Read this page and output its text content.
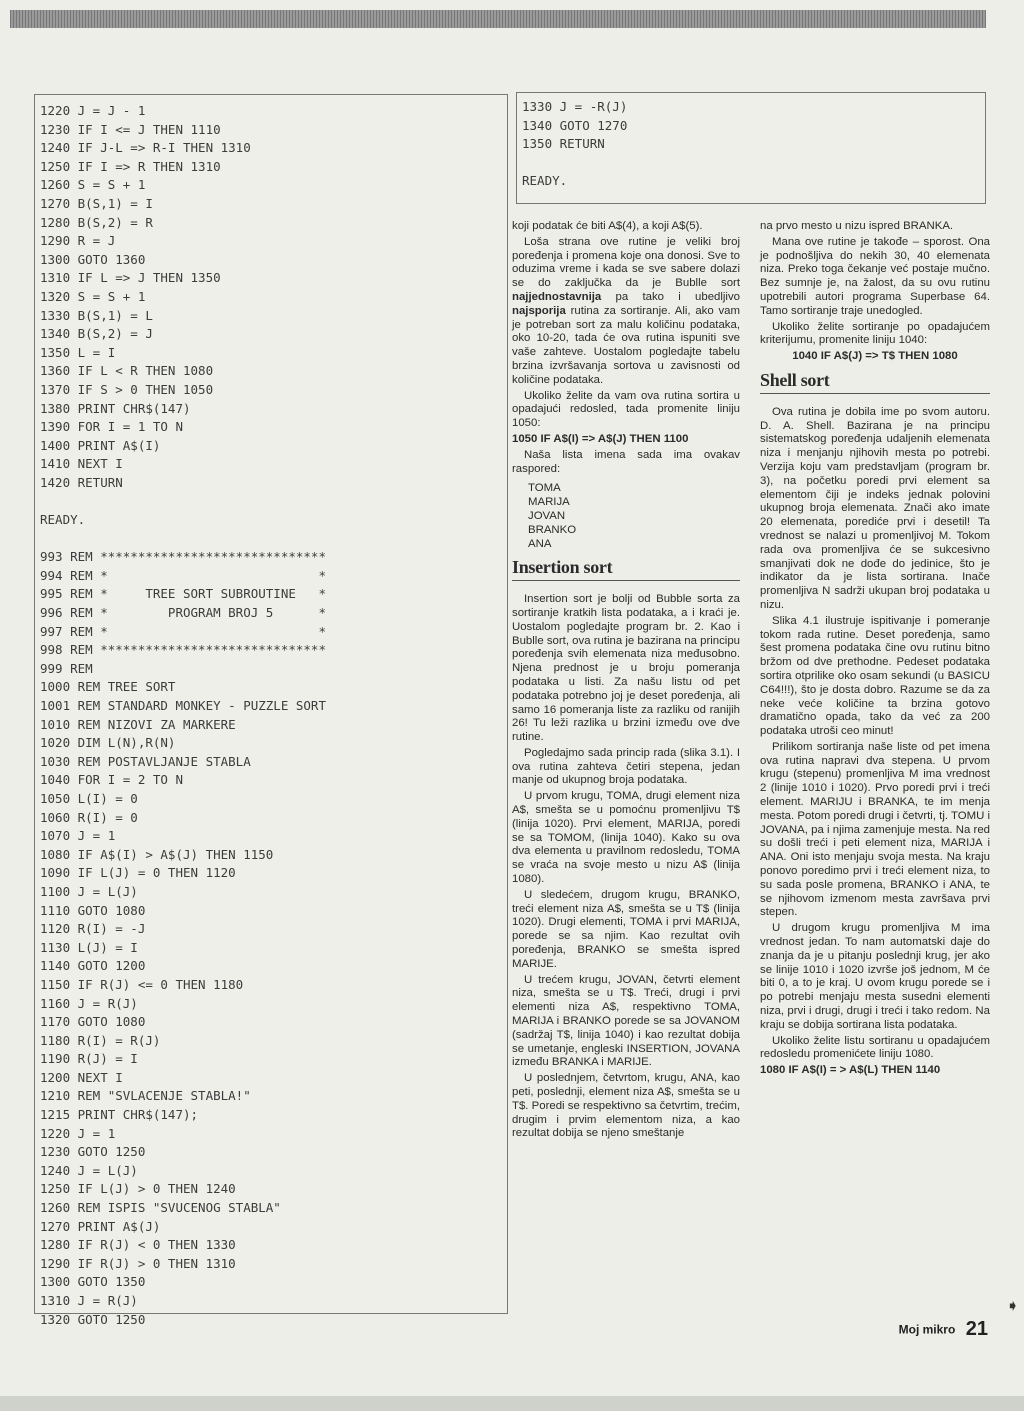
1220 J = J - 1
1230 IF I <= J THEN 1110
1240 IF J-L => R-I THEN 1310
1250 IF I => R THEN 1310
1260 S = S + 1
1270 B(S,1) = I
1280 B(S,2) = R
1290 R = J
1300 GOTO 1360
1310 IF L => J THEN 1350
1320 S = S + 1
1330 B(S,1) = L
1340 B(S,2) = J
1350 L = I
1360 IF L < R THEN 1080
1370 IF S > 0 THEN 1050
1380 PRINT CHR$(147)
1390 FOR I = 1 TO N
1400 PRINT A$(I)
1410 NEXT I
1420 RETURN

READY.

993 REM ******************************
994 REM *                            *
995 REM *     TREE SORT SUBROUTINE   *
996 REM *        PROGRAM BROJ 5      *
997 REM *                            *
998 REM ******************************
999 REM
1000 REM TREE SORT
1001 REM STANDARD MONKEY - PUZZLE SORT
1010 REM NIZOVI ZA MARKERE
1020 DIM L(N),R(N)
1030 REM POSTAVLJANJE STABLA
1040 FOR I = 2 TO N
1050 L(I) = 0
1060 R(I) = 0
1070 J = 1
1080 IF A$(I) > A$(J) THEN 1150
1090 IF L(J) = 0 THEN 1120
1100 J = L(J)
1110 GOTO 1080
1120 R(I) = -J
1130 L(J) = I
1140 GOTO 1200
1150 IF R(J) <= 0 THEN 1180
1160 J = R(J)
1170 GOTO 1080
1180 R(I) = R(J)
1190 R(J) = I
1200 NEXT I
1210 REM "SVLACENJE STABLA!"
1215 PRINT CHR$(147);
1220 J = 1
1230 GOTO 1250
1240 J = L(J)
1250 IF L(J) > 0 THEN 1240
1260 REM ISPIS "SVUCENOG STABLA"
1270 PRINT A$(J)
1280 IF R(J) < 0 THEN 1330
1290 IF R(J) > 0 THEN 1310
1300 GOTO 1350
1310 J = R(J)
1320 GOTO 1250
1330 J = -R(J)
1340 GOTO 1270
1350 RETURN

READY.

koji podatak će biti A$(4), a koji A$(5).

Loša strana ove rutine je veliki broj poređenja i promena koje ona donosi. Sve to oduzima vreme i kada se sve sabere dolazi se do zaključka da je Bublle sort najjednostavnija pa tako i ubedljivo najsporija rutina za sortiranje. Ali, ako vam je potreban sort za malu količinu podataka, oko 10-20, tada će ova rutina ispuniti sve vaše zahteve. Uostalom pogledajte tabelu brzina izvršavanja sortova u zavisnosti od količine podataka.

Ukoliko želite da vam ova rutina sortira u opadajući redosled, tada promenite liniju 1050:

1050 IF A$(I) => A$(J) THEN 1100

Naša lista imena sada ima ovakav raspored:

TOMA
MARIJA
JOVAN
BRANKO
ANA
Insertion sort

Insertion sort je bolji od Bubble sorta za sortiranje kratkih lista podataka, a i kraći je. Uostalom pogledajte program br. 2. Kao i Bublle sort, ova rutina je bazirana na principu poređenja svih elemenata niza međusobno. Njena prednost je u broju pomeranja podataka u listi. Za našu listu od pet podataka potrebno joj je deset poređenja, ali samo 16 pomeranja liste za razliku od ranijih 26! Tu leži razlika u brzini između ove dve rutine.

Pogledajmo sada princip rada (slika 3.1). I ova rutina zahteva četiri stepena, jedan manje od ukupnog broja podataka.

U prvom krugu, TOMA, drugi element niza A$, smešta se u pomoćnu promenljivu T$ (linija 1020). Prvi element, MARIJA, poredi se sa TOMOM, (linija 1040). Kako su ova dva elementa u pravilnom redosledu, TOMA se vraća na svoje mesto u nizu A$ (linija 1080).

U sledećem, drugom krugu, BRANKO, treći element niza A$, smešta se u T$ (linija 1020). Drugi elementi, TOMA i prvi MARIJA, porede se sa njim. Kao rezultat ovih poređenja, BRANKO se smešta ispred MARIJE.

U trećem krugu, JOVAN, četvrti element niza, smešta se u T$. Treći, drugi i prvi elementi niza A$, respektivno TOMA, MARIJA i BRANKO porede se sa JOVANOM (sadržaj T$, linija 1040) i kao rezultat dobija se umetanje, engleski INSERTION, JOVANA između BRANKA i MARIJE.

U poslednjem, četvrtom, krugu, ANA, kao peti, poslednji, element niza A$, smešta se u T$. Poredi se respektivno sa četvrtim, trećim, drugim i prvim elementom niza, a kao rezultat dobija se njeno smeštanje

na prvo mesto u nizu ispred BRANKA.

Mana ove rutine je takođe – sporost. Ona je podnošljiva do nekih 30, 40 elemenata niza. Preko toga čekanje već postaje mučno. Bez sumnje je, na žalost, da su ovu rutinu upotrebili autori programa Superbase 64. Tamo sortiranje traje unedogled.

Ukoliko želite sortiranje po opadajućem kriterijumu, promenite liniju 1040:

1040 IF A$(J) => T$ THEN 1080

Shell sort

Ova rutina je dobila ime po svom autoru. D. A. Shell. Bazirana je na principu sistematskog poređenja udaljenih elemenata niza i menjanju njihovih mesta po potrebi. Verzija koju vam predstavljam (program br. 3), na početku poredi prvi element sa elementom čiji je indeks jednak polovini ukupnog broja elemenata. Znači ako imate 20 elemenata, porediće prvi i desetil! Ta vrednost se nalazi u promenljivoj M. Tokom rada ova promenljiva će se sukcesivno smanjivati dok ne dođe do jedinice, što je indikator da je lista sortirana. Inače promenljiva N sadrži ukupan broj podataka u nizu.

Slika 4.1 ilustruje ispitivanje i pomeranje tokom rada rutine. Deset poređenja, samo šest promena podataka čine ovu rutinu bitno bržom od dve prethodne. Pedeset podataka sortira otprilike oko osam sekundi (u BASICU C64!!!), što je dosta dobro. Razume se da za neke veće količine ta brzina gotovo dramatično opada, tako da već za 200 podataka utroši ceo minut!

Prilikom sortiranja naše liste od pet imena ova rutina napravi dva stepena. U prvom krugu (stepenu) promenljiva M ima vrednost 2 (linije 1010 i 1020). Prvo poredi prvi i treći element. MARIJU i BRANKA, te im menja mesta. Potom poredi drugi i četvrti, tj. TOMU i JOVANA, pa i njima zamenjuje mesta. Na red su došli treći i peti element niza, MARIJA i ANA. Oni isto menjaju svoja mesta. Na kraju ponovo poredimo prvi i treći element niza, to su sada posle promena, BRANKO i ANA, te se njihovom izmenom mesta završava prvi stepen.

U drugom krugu promenljiva M ima vrednost jedan. To nam automatski daje do znanja da je u pitanju poslednji krug, jer ako se linije 1010 i 1020 izvrše još jednom, M će biti 0, a to je kraj. U ovom krugu porede se i po potrebi menjaju mesta susedni elementi niza, prvi i drugi, drugi i treći i tako redom. Na kraju se dobija sortirana lista podataka.

Ukoliko želite listu sortiranu u opadajućem redosledu promenićete liniju 1080.

1080 IF A$(I) = > A$(L) THEN 1140

➧
Moj mikro 21
